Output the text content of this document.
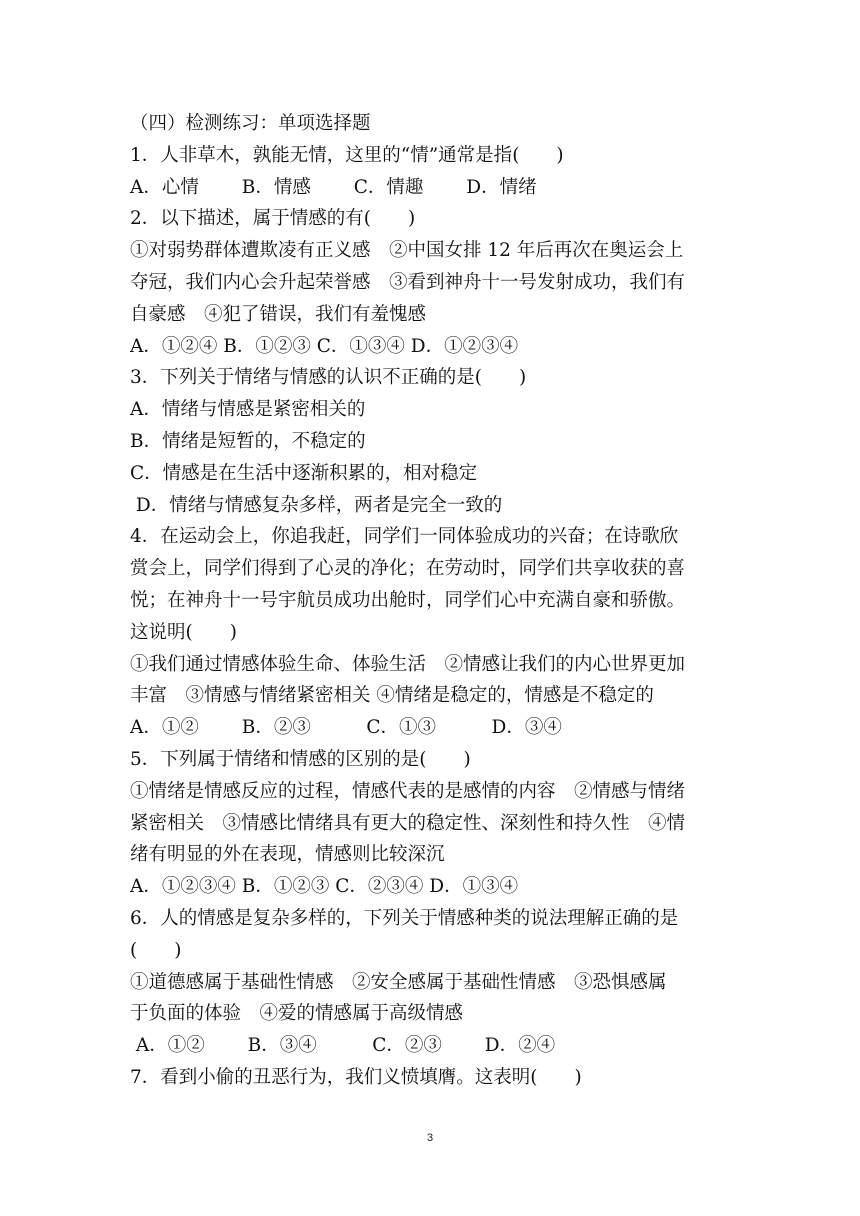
（四）检测练习：单项选择题
1．人非草木，孰能无情，这里的“情”通常是指(　　)
A．心情　　 B．情感　　 C．情趣　　 D．情绪
2．以下描述，属于情感的有(　　)
①对弱势群体遭欺凌有正义感　②中国女排 12 年后再次在奥运会上
夺冠，我们内心会升起荣誉感　③看到神舟十一号发射成功，我们有
自豪感　④犯了错误，我们有羞愧感
A．①②④ B．①②③ C．①③④ D．①②③④
3．下列关于情绪与情感的认识不正确的是(　　)
A．情绪与情感是紧密相关的
B．情绪是短暂的，不稳定的
C．情感是在生活中逐渐积累的，相对稳定
D．情绪与情感复杂多样，两者是完全一致的
4．在运动会上，你追我赶，同学们一同体验成功的兴奋；在诗歌欣
赏会上，同学们得到了心灵的净化；在劳动时，同学们共享收获的喜
悦；在神舟十一号宇航员成功出舱时，同学们心中充满自豪和骄傲。
这说明(　　)
①我们通过情感体验生命、体验生活　②情感让我们的内心世界更加
丰富　③情感与情绪紧密相关 ④情绪是稳定的，情感是不稳定的
A．①②　　 B．②③　　　C．①③　　　D．③④
5．下列属于情绪和情感的区别的是(　　)
①情绪是情感反应的过程，情感代表的是感情的内容　②情感与情绪
紧密相关　③情感比情绪具有更大的稳定性、深刻性和持久性　④情
绪有明显的外在表现，情感则比较深沉
A．①②③④ B．①②③ C．②③④ D．①③④
6．人的情感是复杂多样的，下列关于情感种类的说法理解正确的是
(　　)
①道德感属于基础性情感　②安全感属于基础性情感　③恐惧感属
于负面的体验　④爱的情感属于高级情感
A．①②　　 B．③④　　　C．②③　　 D．②④
7．看到小偷的丑恶行为，我们义愤填膺。这表明(　　)
3
